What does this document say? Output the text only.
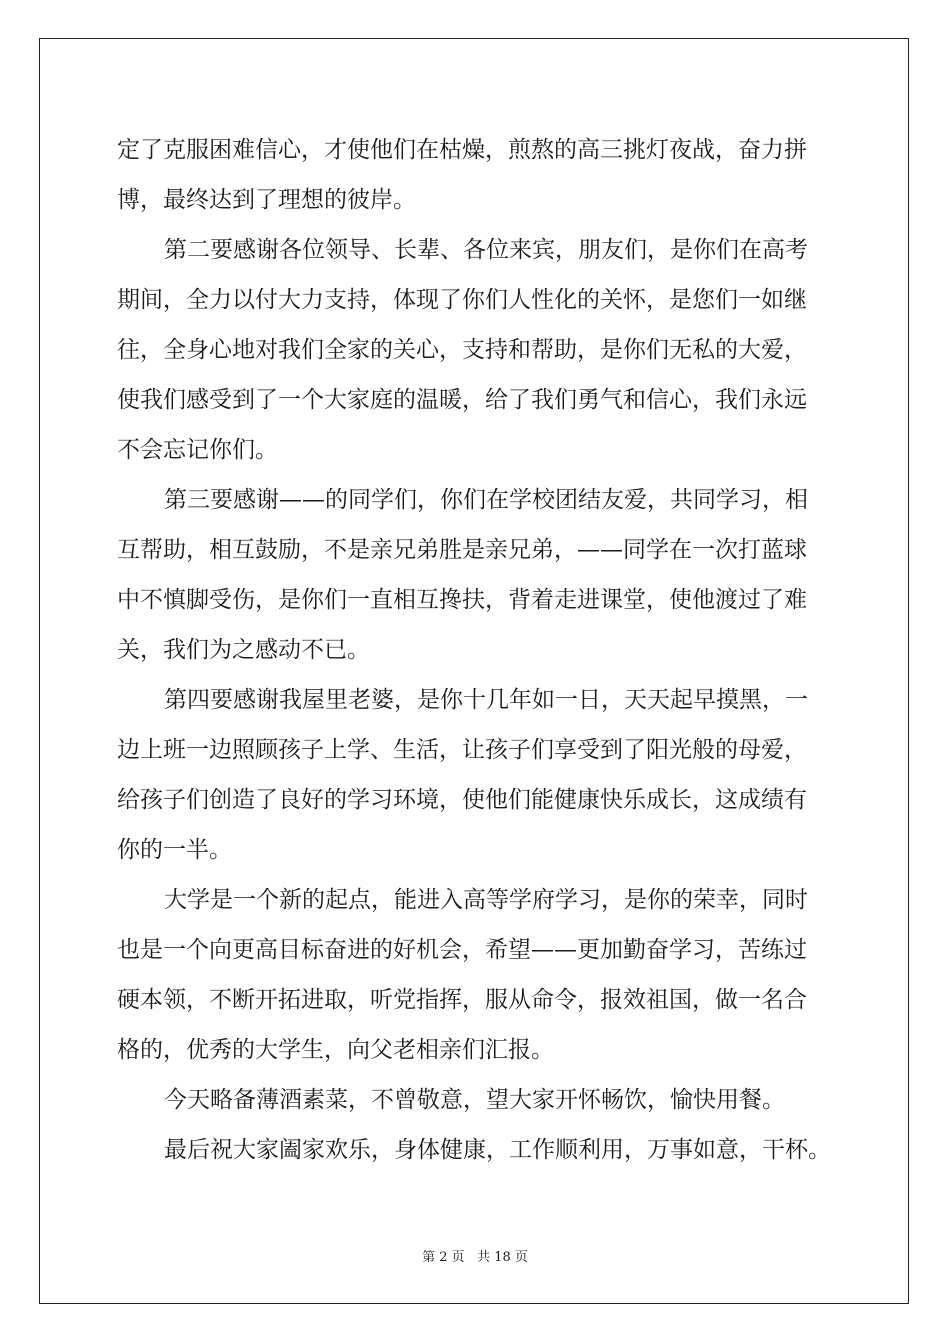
定了克服困难信心，才使他们在枯燥，煎熬的高三挑灯夜战，奋力拼
博，最终达到了理想的彼岸。
第二要感谢各位领导、长辈、各位来宾，朋友们，是你们在高考
期间，全力以付大力支持，体现了你们人性化的关怀，是您们一如继
往，全身心地对我们全家的关心，支持和帮助，是你们无私的大爱，
使我们感受到了一个大家庭的温暖，给了我们勇气和信心，我们永远
不会忘记你们。
第三要感谢——的同学们，你们在学校团结友爱，共同学习，相
互帮助，相互鼓励，不是亲兄弟胜是亲兄弟，——同学在一次打蓝球
中不慎脚受伤，是你们一直相互搀扶，背着走进课堂，使他渡过了难
关，我们为之感动不已。
第四要感谢我屋里老婆，是你十几年如一日，天天起早摸黑，一
边上班一边照顾孩子上学、生活，让孩子们享受到了阳光般的母爱，
给孩子们创造了良好的学习环境，使他们能健康快乐成长，这成绩有
你的一半。
大学是一个新的起点，能进入高等学府学习，是你的荣幸，同时
也是一个向更高目标奋进的好机会，希望——更加勤奋学习，苦练过
硬本领，不断开拓进取，听党指挥，服从命令，报效祖国，做一名合
格的，优秀的大学生，向父老相亲们汇报。
今天略备薄酒素菜，不曾敬意，望大家开怀畅饮，愉快用餐。
最后祝大家阖家欢乐，身体健康，工作顺利用，万事如意，干杯。
第 2 页   共 18 页
